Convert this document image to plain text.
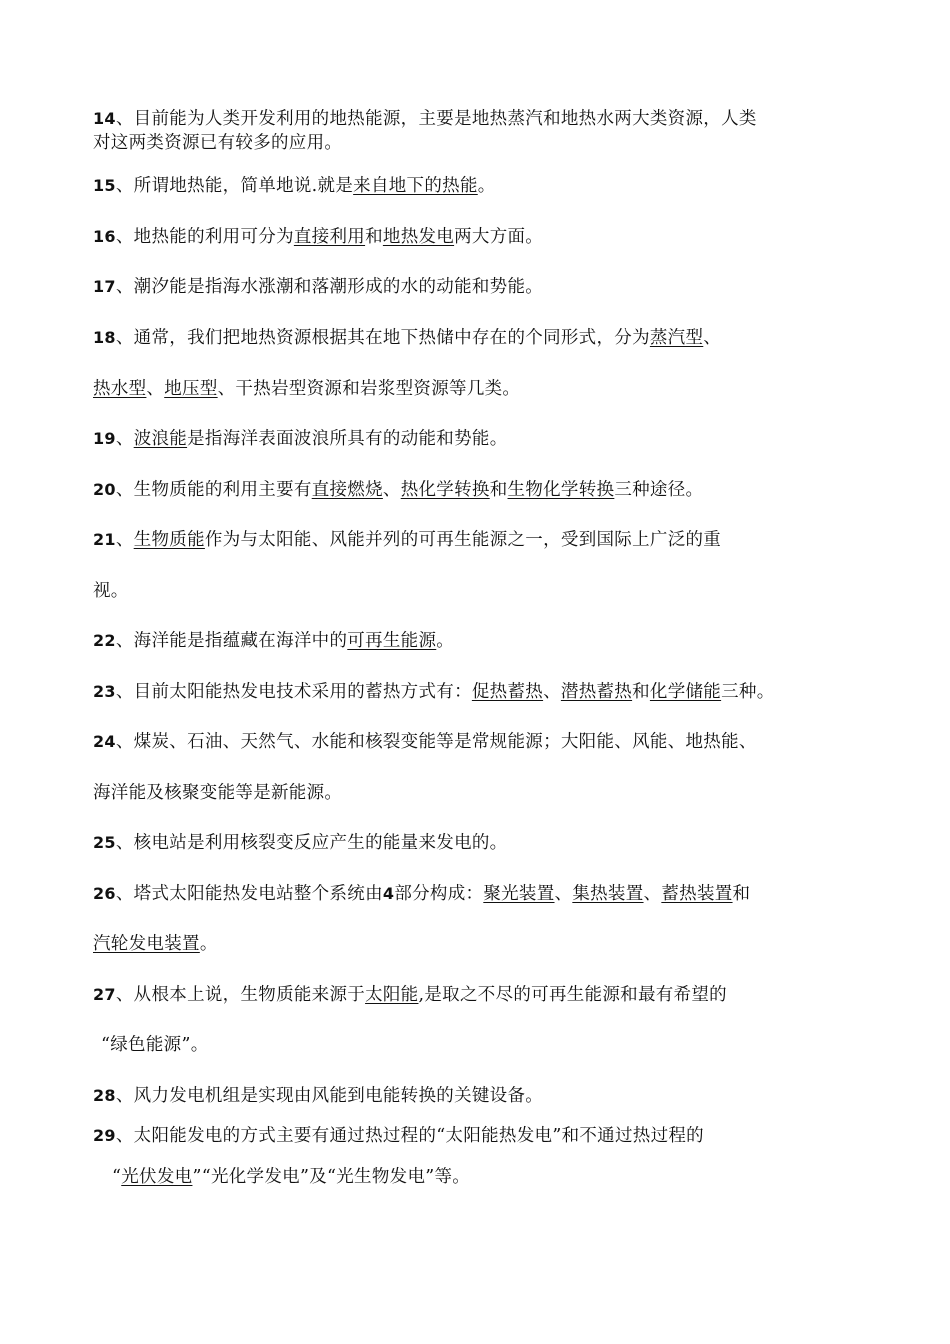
14、目前能为人类开发利用的地热能源，主要是地热蒸汽和地热水两大类资源，人类
对这两类资源已有较多的应用。
15、所谓地热能，简单地说.就是来自地下的热能。
16、地热能的利用可分为直接利用和地热发电两大方面。
17、潮汐能是指海水涨潮和落潮形成的水的动能和势能。
18、通常，我们把地热资源根据其在地下热储中存在的个同形式，分为蒸汽型、
热水型、地压型、干热岩型资源和岩浆型资源等几类。
19、波浪能是指海洋表面波浪所具有的动能和势能。
20、生物质能的利用主要有直接燃烧、热化学转换和生物化学转换三种途径。
21、生物质能作为与太阳能、风能并列的可再生能源之一，受到国际上广泛的重
视。
22、海洋能是指蕴藏在海洋中的可再生能源。
23、目前太阳能热发电技术采用的蓄热方式有：促热蓄热、潜热蓄热和化学储能三种。
24、煤炭、石油、天然气、水能和核裂变能等是常规能源；大阳能、风能、地热能、
海洋能及核聚变能等是新能源。
25、核电站是利用核裂变反应产生的能量来发电的。
26、塔式太阳能热发电站整个系统由4部分构成：聚光装置、集热装置、蓄热装置和
汽轮发电装置。
27、从根本上说，生物质能来源于太阳能,是取之不尽的可再生能源和最有希望的
“绿色能源”。
28、风力发电机组是实现由风能到电能转换的关键设备。
29、太阳能发电的方式主要有通过热过程的“太阳能热发电”和不通过热过程的
“光伏发电”“光化学发电”及“光生物发电”等。
